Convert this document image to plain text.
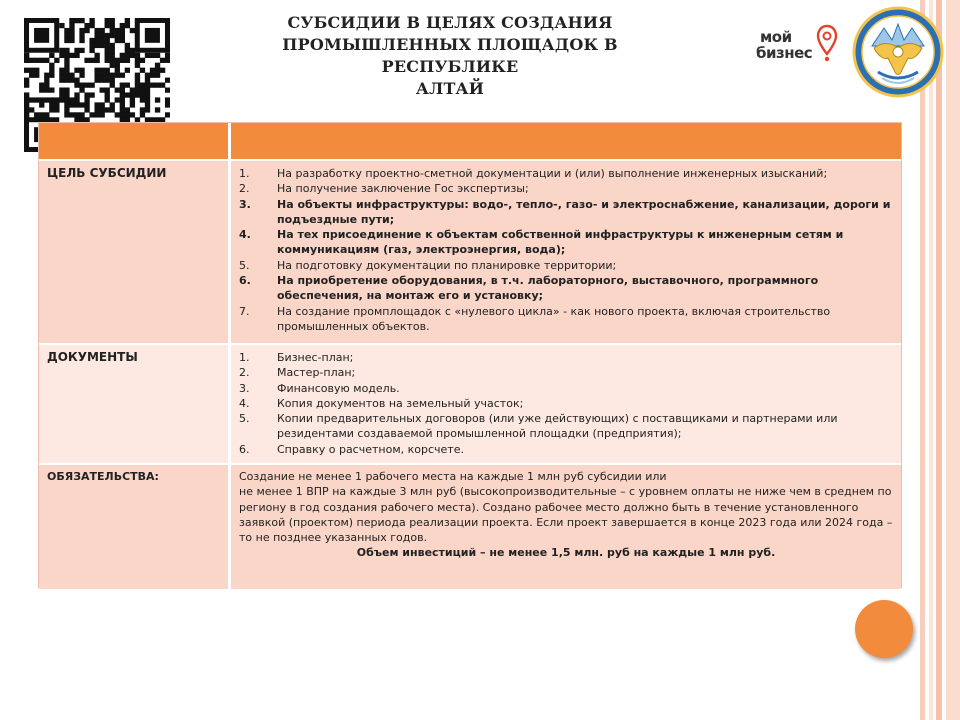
СУБСИДИИ В ЦЕЛЯХ СОЗДАНИЯ
ПРОМЫШЛЕННЫХ ПЛОЩАДОК В РЕСПУБЛИКЕ
АЛТАЙ
мой
бизнес
ЦЕЛЬ СУБСИДИИ	1.	На разработку проектно-сметной документации и (или) выполнение инженерных изысканий;
2.	На получение заключение Гос экспертизы;
3.	На объекты инфраструктуры: водо-, тепло-, газо- и электроснабжение, канализации, дороги и подъездные пути;
4.	На тех присоединение к объектам собственной инфраструктуры к инженерным сетям и коммуникациям (газ, электроэнергия, вода);
5.	На подготовку документации по планировке территории;
6.	На приобретение оборудования, в т.ч. лабораторного, выставочного, программного обеспечения, на монтаж его и установку;
7.	На создание промплощадок с «нулевого цикла» - как нового проекта, включая строительство промышленных объектов.
ДОКУМЕНТЫ	1.	Бизнес-план;
2.	Мастер-план;
3.	Финансовую модель.
4.	Копия документов на земельный участок;
5.	Копии предварительных договоров (или уже действующих) с поставщиками и партнерами или резидентами создаваемой промышленной площадки (предприятия);
6.	Справку о расчетном, корсчете.
ОБЯЗАТЕЛЬСТВА:	Создание не менее 1 рабочего места на каждые 1 млн руб субсидии или

не менее 1 ВПР на каждые 3 млн руб (высокопроизводительные – с уровнем оплаты не ниже чем в среднем по региону в год создания рабочего места). Создано рабочее место должно быть в течение установленного заявкой (проектом) периода реализации проекта. Если проект завершается в конце 2023 года или 2024 года – то не позднее указанных годов.

Объем инвестиций – не менее 1,5 млн. руб на каждые 1 млн руб.
